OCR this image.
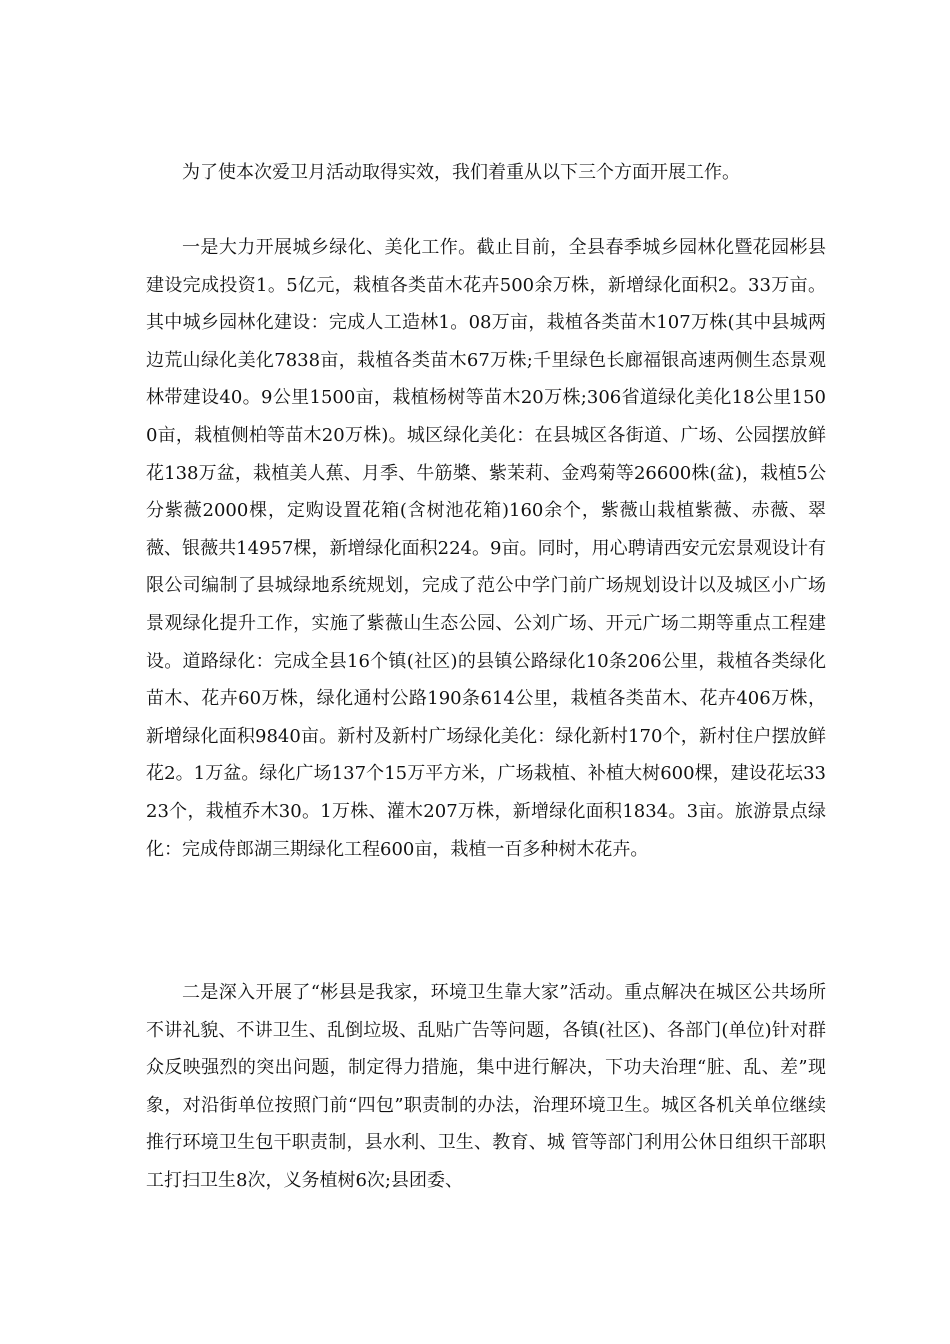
为了使本次爱卫月活动取得实效，我们着重从以下三个方面开展工作。

一是大力开展城乡绿化、美化工作。截止目前，全县春季城乡园林化暨花园彬县建设完成投资1。5亿元，栽植各类苗木花卉500余万株，新增绿化面积2。33万亩。其中城乡园林化建设：完成人工造林1。08万亩，栽植各类苗木107万株(其中县城两边荒山绿化美化7838亩，栽植各类苗木67万株;千里绿色长廊福银高速两侧生态景观林带建设40。9公里1500亩，栽植杨树等苗木20万株;306省道绿化美化18公里1500亩，栽植侧柏等苗木20万株)。城区绿化美化：在县城区各街道、广场、公园摆放鲜花138万盆，栽植美人蕉、月季、牛筋槳、紫茉莉、金鸡菊等26600株(盆)，栽植5公分紫薇2000棵，定购设置花箱(含树池花箱)160余个，紫薇山栽植紫薇、赤薇、翠薇、银薇共14957棵，新增绿化面积224。9亩。同时，用心聘请西安元宏景观设计有限公司编制了县城绿地系统规划，完成了范公中学门前广场规划设计以及城区小广场景观绿化提升工作，实施了紫薇山生态公园、公刘广场、开元广场二期等重点工程建设。道路绿化：完成全县16个镇(社区)的县镇公路绿化10条206公里，栽植各类绿化苗木、花卉60万株，绿化通村公路190条614公里，栽植各类苗木、花卉406万株，新增绿化面积9840亩。新村及新村广场绿化美化：绿化新村170个，新村住户摆放鲜花2。1万盆。绿化广场137个15万平方米，广场栽植、补植大树600棵，建设花坛3323个，栽植乔木30。1万株、灌木207万株，新增绿化面积1834。3亩。旅游景点绿化：完成侍郎湖三期绿化工程600亩，栽植一百多种树木花卉。

二是深入开展了“彬县是我家，环境卫生靠大家”活动。重点解决在城区公共场所不讲礼貌、不讲卫生、乱倒垃圾、乱贴广告等问题，各镇(社区)、各部门(单位)针对群众反映强烈的突出问题，制定得力措施，集中进行解决，下功夫治理“脏、乱、差”现象，对沿街单位按照门前“四包”职责制的办法，治理环境卫生。城区各机关单位继续推行环境卫生包干职责制，县水利、卫生、教育、城 管等部门利用公休日组织干部职工打扫卫生8次，义务植树6次;县团委、
